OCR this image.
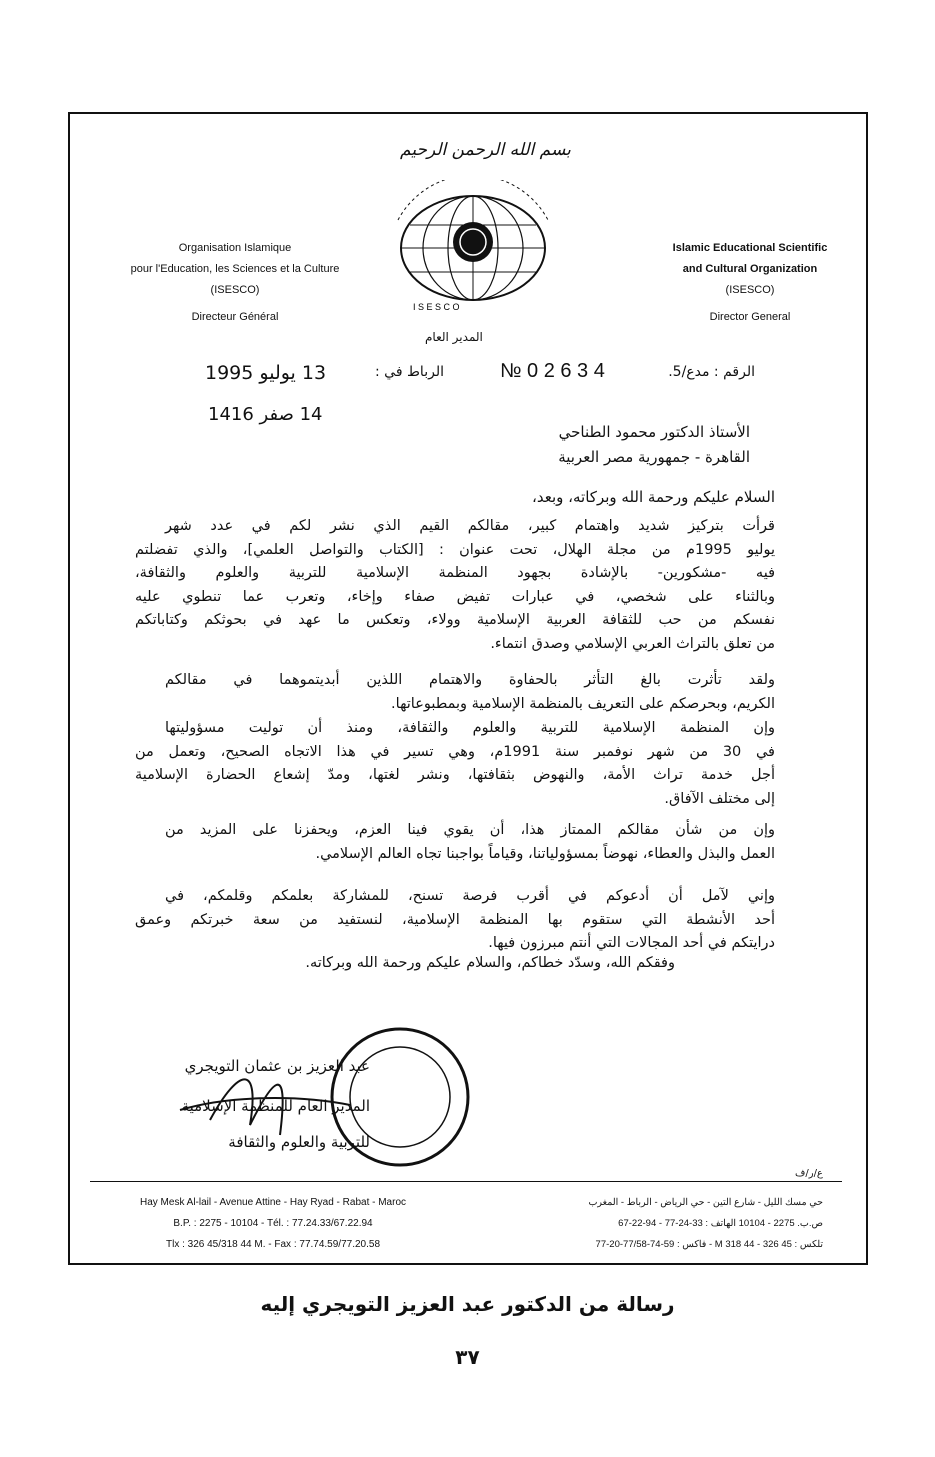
بسم الله الرحمن الرحيم
I S E S C O
Organisation Islamique
pour l'Education, les Sciences et la Culture
(ISESCO)
Directeur Général
Islamic Educational Scientific
and Cultural Organization
(ISESCO)
Director General
المدير العام
الرقم : مدع/5.
№ 0 2 6 3 4
الرباط في :
13 يوليو 1995
14 صفر 1416
الأستاذ الدكتور محمود الطناحي
القاهرة - جمهورية مصر العربية
السلام عليكم ورحمة الله وبركاته، وبعد،
قرأت بتركيز شديد واهتمام كبير، مقالكم القيم الذي نشر لكم في عدد شهر
يوليو 1995م من مجلة الهلال، تحت عنوان : [الكتاب والتواصل العلمي]، والذي تفضلتم
فيه -مشكورين- بالإشادة بجهود المنظمة الإسلامية للتربية والعلوم والثقافة،
وبالثناء على شخصي، في عبارات تفيض صفاء وإخاء، وتعرب عما تنطوي عليه
نفسكم من حب للثقافة العربية الإسلامية وولاء، وتعكس ما عهد في بحوثكم وكتاباتكم
من تعلق بالتراث العربي الإسلامي وصدق انتماء.
ولقد تأثرت بالغ التأثر بالحفاوة والاهتمام اللذين أبديتموهما في مقالكم
الكريم، وبحرصكم على التعريف بالمنظمة الإسلامية وبمطبوعاتها.
وإن المنظمة الإسلامية للتربية والعلوم والثقافة، ومنذ أن توليت مسؤوليتها
في 30 من شهر نوفمبر سنة 1991م، وهي تسير في هذا الاتجاه الصحيح، وتعمل من
أجل خدمة تراث الأمة، والنهوض بثقافتها، ونشر لغتها، ومدّ إشعاع الحضارة الإسلامية
إلى مختلف الآفاق.
وإن من شأن مقالكم الممتاز هذا، أن يقوي فينا العزم، ويحفزنا على المزيد من
العمل والبذل والعطاء، نهوضاً بمسؤولياتنا، وقياماً بواجبنا تجاه العالم الإسلامي.
وإني لآمل أن أدعوكم في أقرب فرصة تسنح، للمشاركة بعلمكم وقلمكم، في
أحد الأنشطة التي ستقوم بها المنظمة الإسلامية، لنستفيد من سعة خبرتكم وعمق
درايتكم في أحد المجالات التي أنتم مبرزون فيها.
وفقكم الله، وسدّد خطاكم، والسلام عليكم ورحمة الله وبركاته.
عبد العزيز بن عثمان التويجري
المدير العام للمنظمة الإسلامية
للتربية والعلوم والثقافة
ع/ر/ف
Hay Mesk Al-lail - Avenue Attine - Hay Ryad - Rabat - Maroc
B.P. : 2275 - 10104 - Tél. : 77.24.33/67.22.94
Tlx : 326 45/318 44 M. - Fax : 77.74.59/77.20.58
حي مسك الليل - شارع التين - حي الرياض - الرباط - المغرب
ص.ب. 2275 - 10104 الهاتف : 33-24-77 - 94-22-67
تلكس : 45 326 - 44 318 M - فاكس : 59-74-77/58-20-77
رسالة من الدكتور عبد العزيز التويجري إليه
٣٧
